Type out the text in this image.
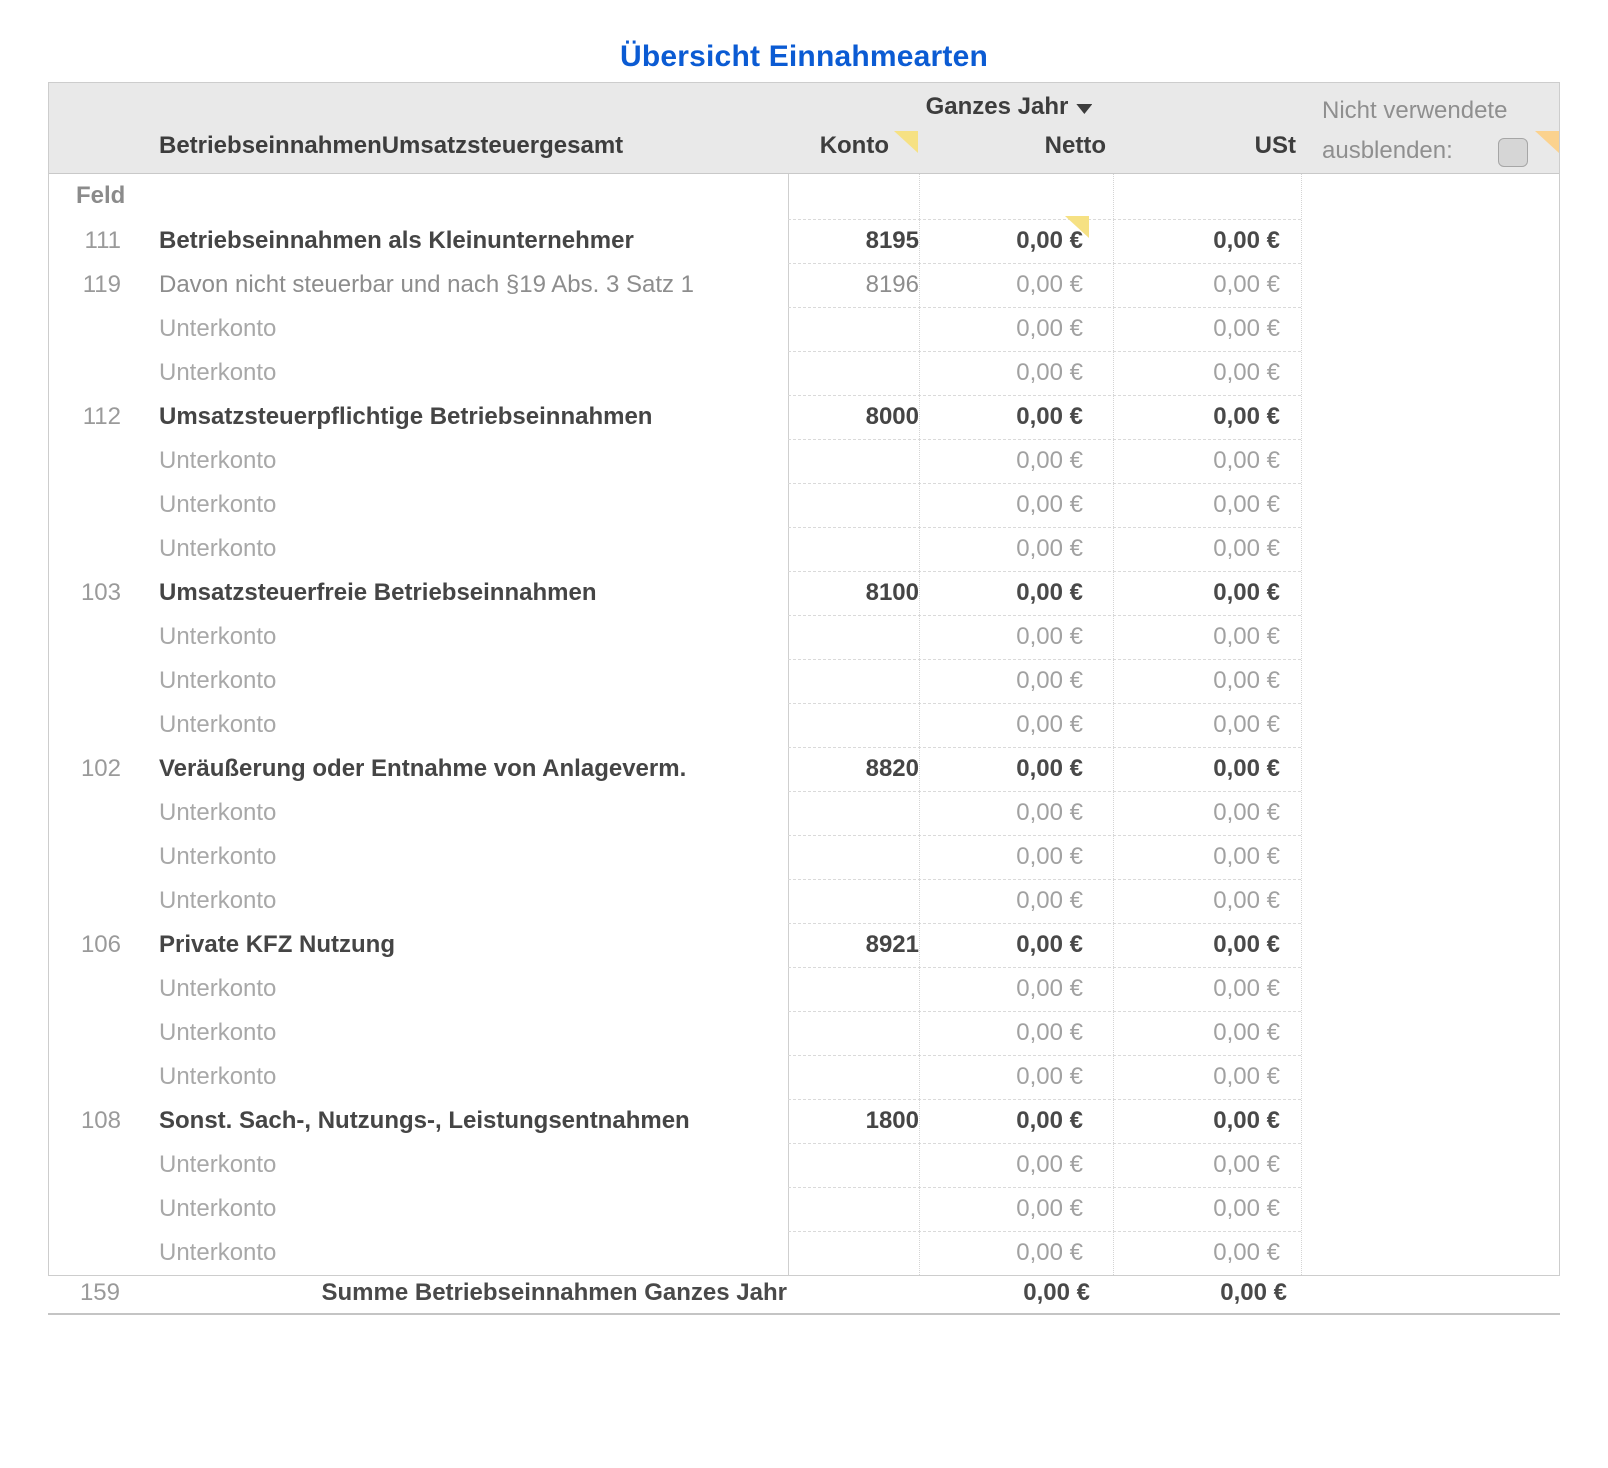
Übersicht Einnahmearten
Ganzes Jahr
BetriebseinnahmenUmsatzsteuergesamt	Konto	Netto	USt
Nicht verwendete
ausblenden:
Feld
111	Betriebseinnahmen als Kleinunternehmer	8195	0,00 €	0,00 €
119	Davon nicht steuerbar und nach §19 Abs. 3 Satz 1	8196	0,00 €	0,00 €
Unterkonto	0,00 €	0,00 €
Unterkonto	0,00 €	0,00 €
112	Umsatzsteuerpflichtige Betriebseinnahmen	8000	0,00 €	0,00 €
Unterkonto	0,00 €	0,00 €
Unterkonto	0,00 €	0,00 €
Unterkonto	0,00 €	0,00 €
103	Umsatzsteuerfreie Betriebseinnahmen	8100	0,00 €	0,00 €
Unterkonto	0,00 €	0,00 €
Unterkonto	0,00 €	0,00 €
Unterkonto	0,00 €	0,00 €
102	Veräußerung oder Entnahme von Anlageverm.	8820	0,00 €	0,00 €
Unterkonto	0,00 €	0,00 €
Unterkonto	0,00 €	0,00 €
Unterkonto	0,00 €	0,00 €
106	Private KFZ Nutzung	8921	0,00 €	0,00 €
Unterkonto	0,00 €	0,00 €
Unterkonto	0,00 €	0,00 €
Unterkonto	0,00 €	0,00 €
108	Sonst. Sach-, Nutzungs-, Leistungsentnahmen	1800	0,00 €	0,00 €
Unterkonto	0,00 €	0,00 €
Unterkonto	0,00 €	0,00 €
Unterkonto	0,00 €	0,00 €
159	Summe Betriebseinnahmen Ganzes Jahr	0,00 €	0,00 €
